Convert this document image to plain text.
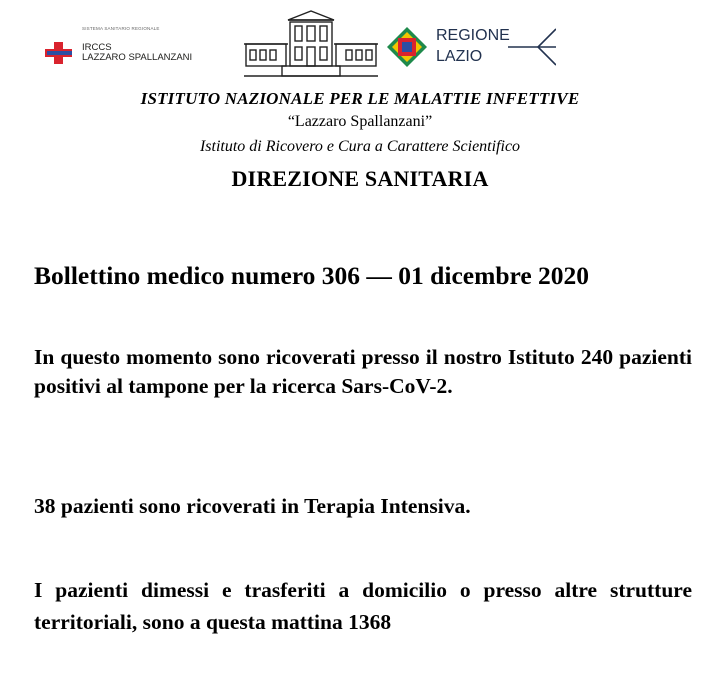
SISTEMA SANITARIO REGIONALE
IRCCS
LAZZARO SPALLANZANI
REGIONE
LAZIO
ISTITUTO NAZIONALE PER LE MALATTIE INFETTIVE
“Lazzaro Spallanzani”
Istituto di Ricovero e Cura a Carattere Scientifico
DIREZIONE SANITARIA
Bollettino medico numero 306 — 01 dicembre 2020
In questo momento sono ricoverati presso il nostro Istituto 240 pazienti positivi al tampone per la ricerca Sars-CoV-2.
38 pazienti sono ricoverati in Terapia Intensiva.
I pazienti dimessi e trasferiti a domicilio o presso altre strutture territoriali, sono a questa mattina 1368
